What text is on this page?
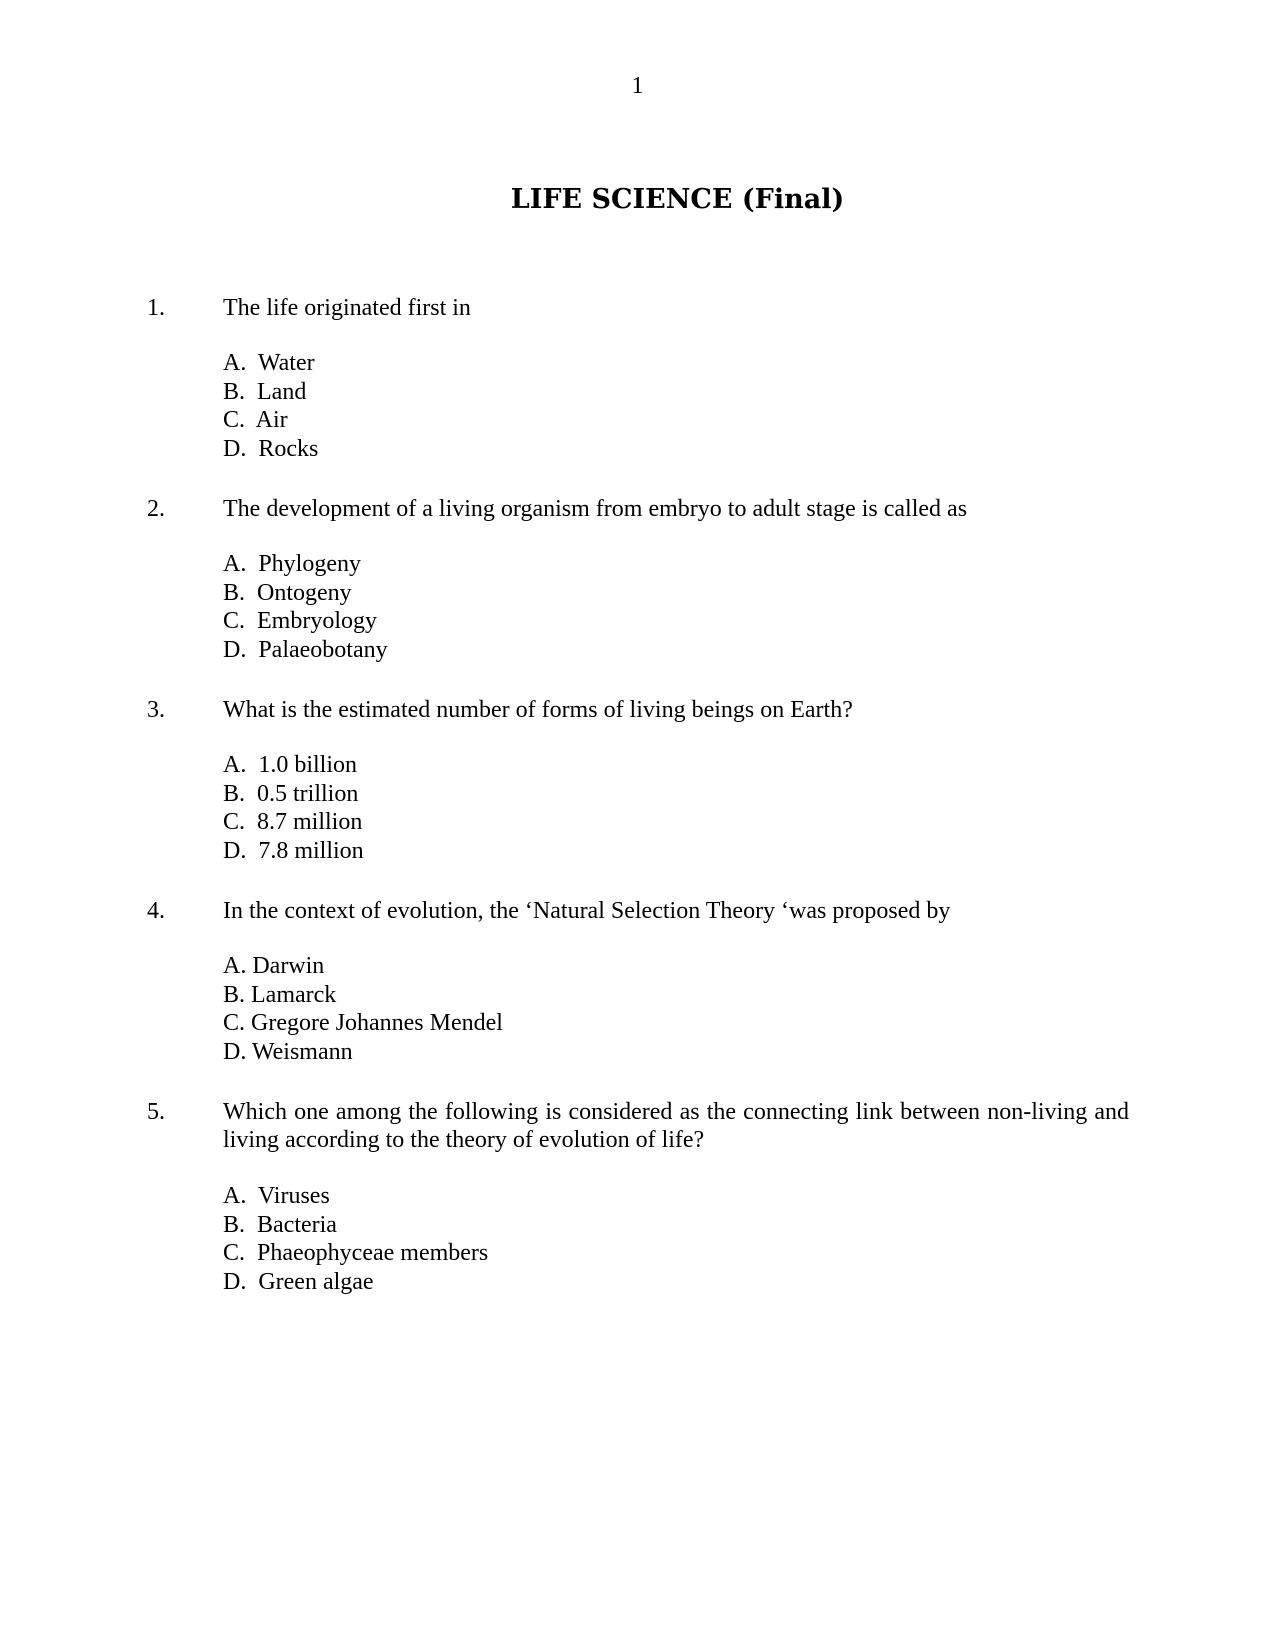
1
LIFE SCIENCE (Final)
1. The life originated first in
A.  Water
B.  Land
C.  Air
D.  Rocks
2. The development of a living organism from embryo to adult stage is called as
A.  Phylogeny
B.  Ontogeny
C.  Embryology
D.  Palaeobotany
3. What is the estimated number of forms of living beings on Earth?
A.  1.0 billion
B.  0.5 trillion
C.  8.7 million
D.  7.8 million
4. In the context of evolution, the ‘Natural Selection Theory ‘was proposed by
A. Darwin
B. Lamarck
C. Gregore Johannes Mendel
D. Weismann
5. Which one among the following is considered as the connecting link between non-living and living according to the theory of evolution of life?
A.  Viruses
B.  Bacteria
C.  Phaeophyceae members
D.  Green algae
